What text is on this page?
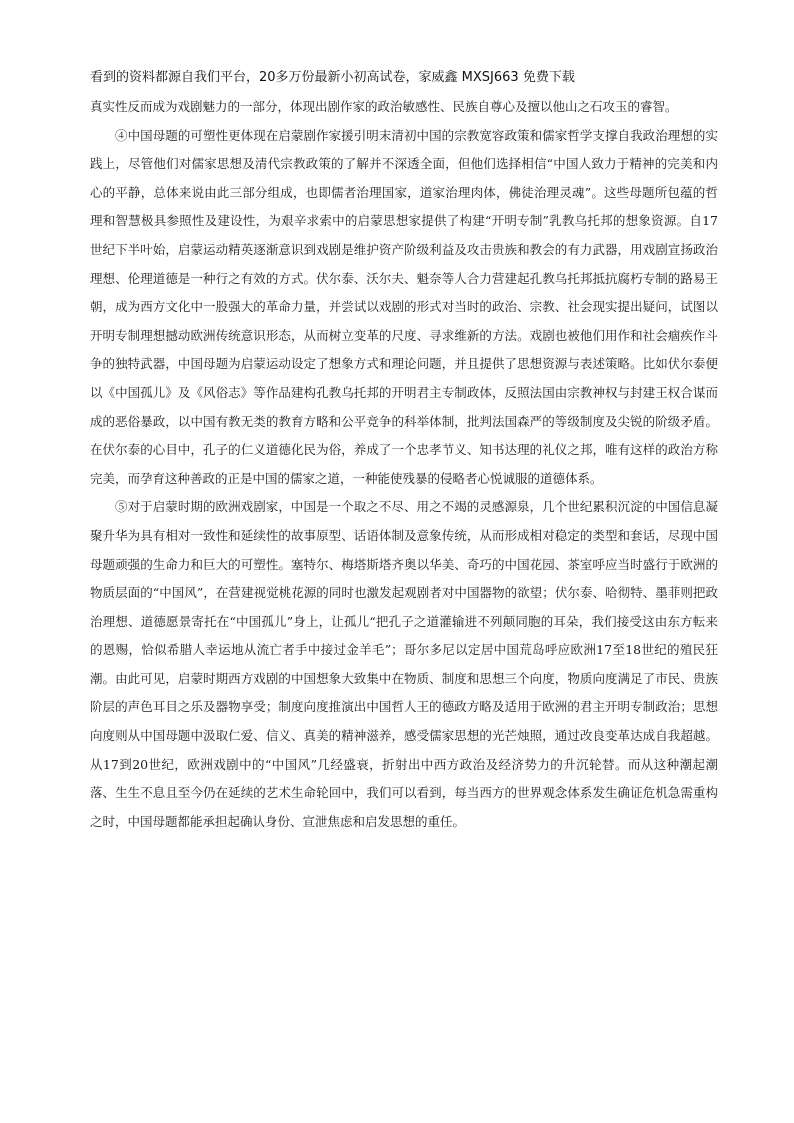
看到的资料都源自我们平台，20多万份最新小初高试卷，家威鑫 MXSJ663 免费下载

真实性反而成为戏剧魅力的一部分，体现出剧作家的政治敏感性、民族自尊心及擅以他山之石攻玉的睿智。

④中国母题的可塑性更体现在启蒙剧作家援引明末清初中国的宗教宽容政策和儒家哲学支撑自我政治理想的实践上，尽管他们对儒家思想及清代宗教政策的了解并不深透全面，但他们选择相信“中国人致力于精神的完美和内心的平静，总体来说由此三部分组成，也即儒者治理国家，道家治理肉体，佛徒治理灵魂”。这些母题所包蕴的哲理和智慧极具参照性及建设性，为艰辛求索中的启蒙思想家提供了构建“开明专制”乳教乌托邦的想象资源。自17世纪下半叶始，启蒙运动精英逐渐意识到戏剧是维护资产阶级利益及攻击贵族和教会的有力武器，用戏剧宣扬政治理想、伦理道德是一种行之有效的方式。伏尔泰、沃尔夫、魁奈等人合力营建起孔教乌托邦抵抗腐朽专制的路易王朝，成为西方文化中一股强大的革命力量，并尝试以戏剧的形式对当时的政治、宗教、社会现实提出疑问，试图以开明专制理想撼动欧洲传统意识形态，从而树立变革的尺度、寻求维新的方法。戏剧也被他们用作和社会痼疾作斗争的独特武器，中国母题为启蒙运动设定了想象方式和理论问题，并且提供了思想资源与表述策略。比如伏尔泰便以《中国孤儿》及《风俗志》等作品建构孔教乌托邦的开明君主专制政体，反照法国由宗教神权与封建王权合谋而成的恶俗暴政，以中国有教无类的教育方略和公平竞争的科举体制，批判法国森严的等级制度及尖锐的阶级矛盾。在伏尔泰的心目中，孔子的仁义道德化民为俗，养成了一个忠孝节义、知书达理的礼仪之邦，唯有这样的政治方称完美，而孕育这种善政的正是中国的儒家之道，一种能使残暴的侵略者心悦诚服的道德体系。

⑤对于启蒙时期的欧洲戏剧家，中国是一个取之不尽、用之不竭的灵感源泉，几个世纪累积沉淀的中国信息凝聚升华为具有相对一致性和延续性的故事原型、话语体制及意象传统，从而形成相对稳定的类型和套话，尽现中国母题顽强的生命力和巨大的可塑性。塞特尔、梅塔斯塔齐奥以华美、奇巧的中国花园、茶室呼应当时盛行于欧洲的物质层面的“中国风”，在营建视觉桃花源的同时也激发起观剧者对中国器物的欲望；伏尔泰、哈彻特、墨菲则把政治理想、道德愿景寄托在“中国孤儿”身上，让孤儿“把孔子之道灌输进不列颠同胞的耳朵，我们接受这由东方転来的恩赐，恰似希腊人幸运地从流亡者手中接过金羊毛”；哥尔多尼以定居中国荒岛呼应欧洲17至18世纪的殖民狂潮。由此可见，启蒙时期西方戏剧的中国想象大致集中在物质、制度和思想三个向度，物质向度满足了市民、贵族阶层的声色耳目之乐及器物享受；制度向度推演出中国哲人王的德政方略及适用于欧洲的君主开明专制政治；思想向度则从中国母题中汲取仁爱、信义、真美的精神滋养，感受儒家思想的光芒烛照，通过改良变革达成自我超越。从17到20世纪，欧洲戏剧中的“中国风”几经盛衰，折射出中西方政治及经济势力的升沉轮替。而从这种潮起潮落、生生不息且至今仍在延续的艺术生命轮回中，我们可以看到，每当西方的世界观念体系发生确证危机急需重构之时，中国母题都能承担起确认身份、宣泄焦虑和启发思想的重任。
